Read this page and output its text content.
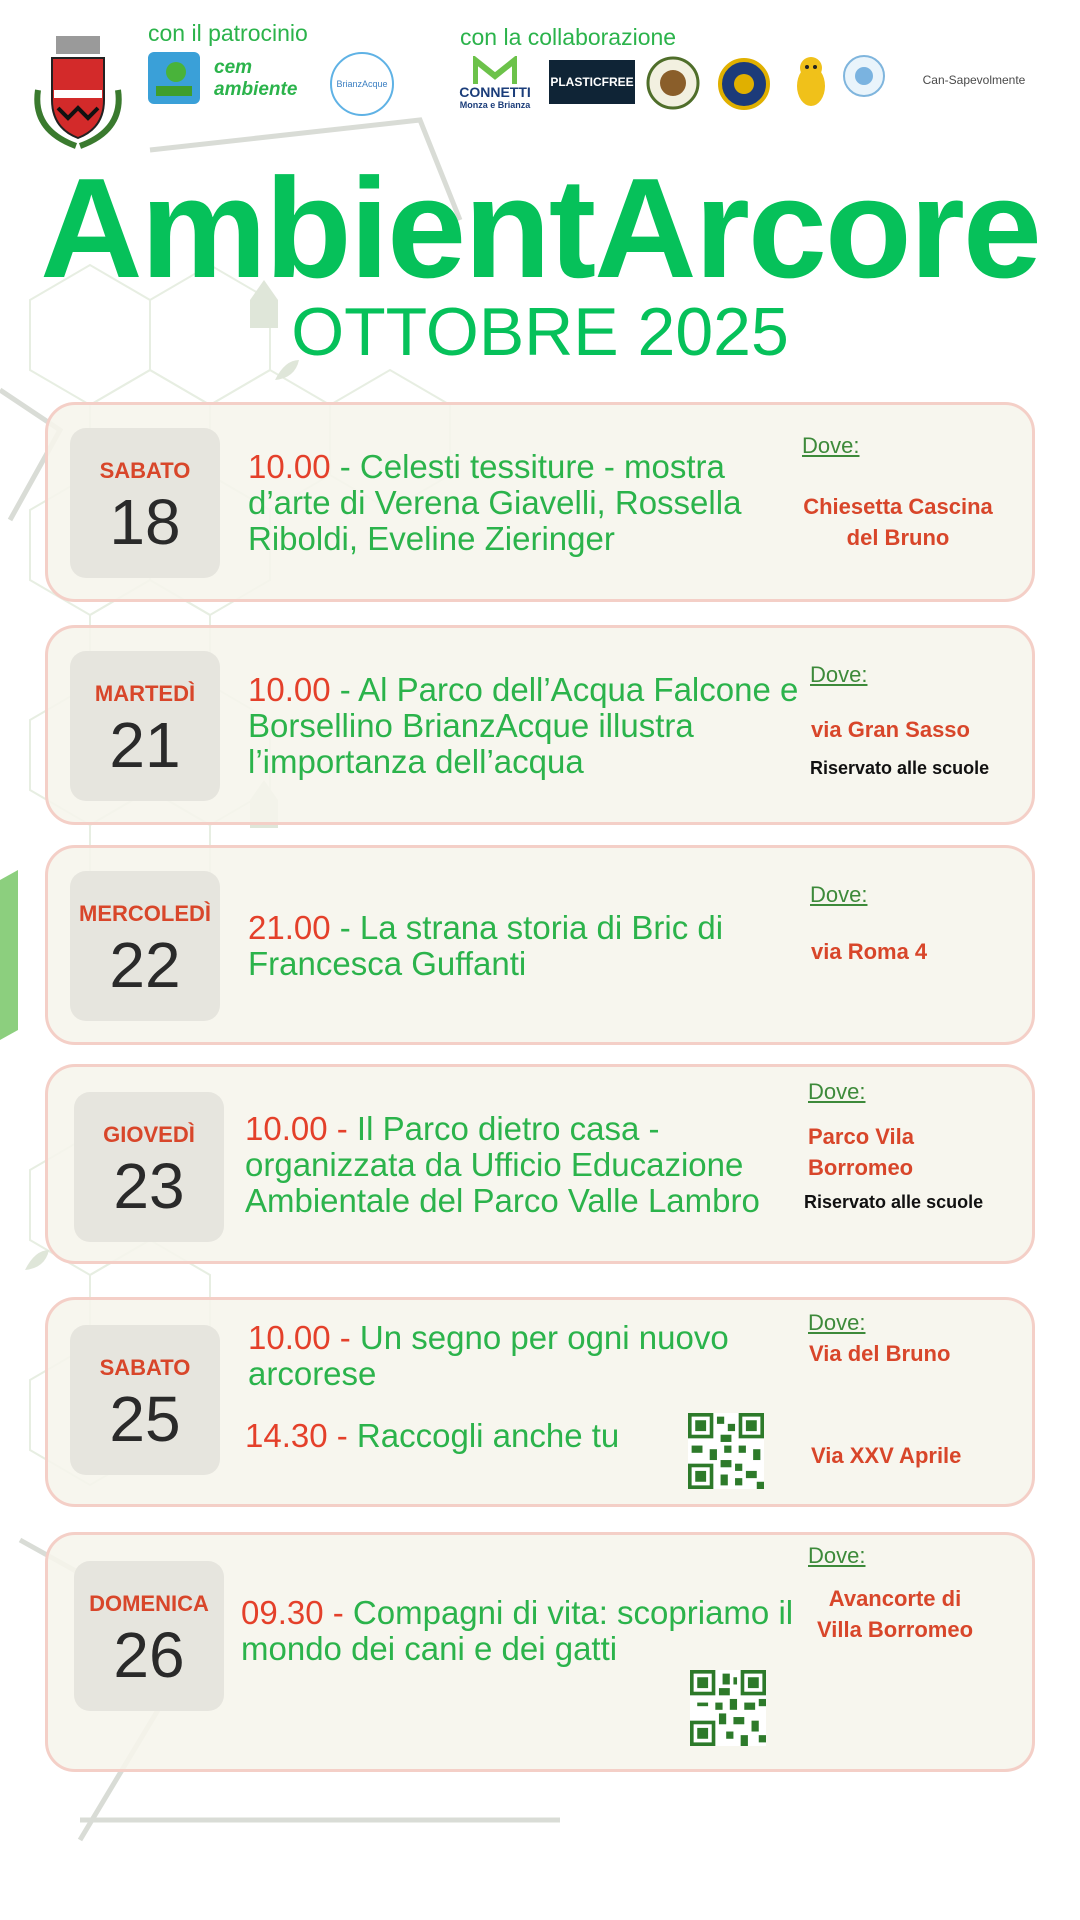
con il patrocinio	con la collaborazione
cem ambiente	BrianzAcque	CONNETTI
Monza e Brianza
PLASTICFREE	Can-Sapevolmente
AmbientArcore
OTTOBRE 2025
SABATO
18
10.00 - Celesti tessiture - mostra d’arte di Verena Giavelli, Rossella Riboldi, Eveline Zieringer
Dove:
Chiesetta Cascina
del Bruno
MARTEDÌ
21
10.00 - Al Parco dell’Acqua Falcone e Borsellino BrianzAcque illustra l’importanza dell’acqua
Dove:
via Gran Sasso
Riservato alle scuole
MERCOLEDÌ
22
21.00 - La strana storia di Bric di Francesca Guffanti
Dove:
via Roma 4
GIOVEDÌ
23
10.00 - Il Parco dietro casa - organizzata da Ufficio Educazione Ambientale del Parco Valle Lambro
Dove:
Parco Vila
Borromeo
Riservato alle scuole
SABATO
25
10.00 - Un segno per ogni nuovo arcorese
14.30 - Raccogli anche tu
Dove:
Via del Bruno
Via XXV Aprile
DOMENICA
26
09.30 - Compagni di vita: scopriamo il mondo dei cani e dei gatti
Dove:
Avancorte di
Villa Borromeo
